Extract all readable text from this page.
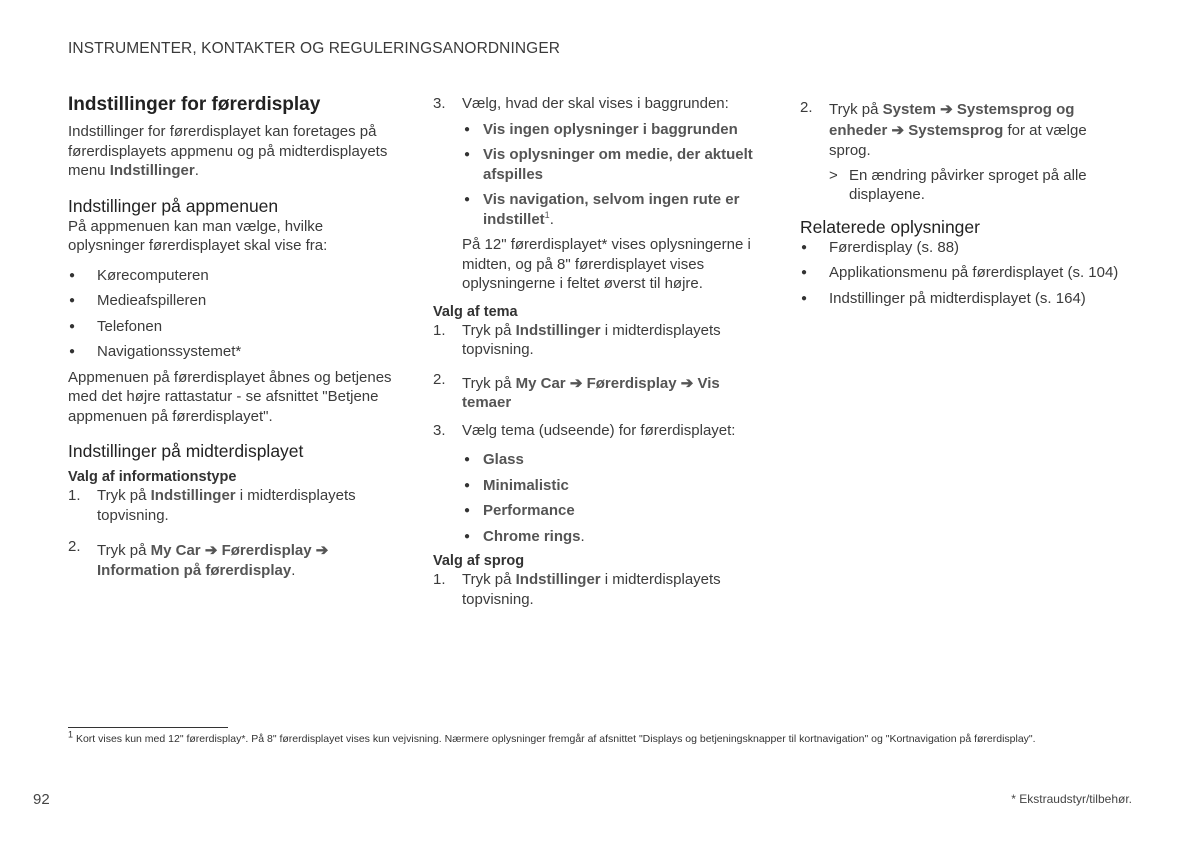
INSTRUMENTER, KONTAKTER OG REGULERINGSANORDNINGER
Indstillinger for førerdisplay

Indstillinger for førerdisplayet kan foretages på førerdisplayets appmenu og på midterdisplayets menu Indstillinger.

Indstillinger på appmenuen

På appmenuen kan man vælge, hvilke oplysninger førerdisplayet skal vise fra:

● Kørecomputeren
● Medieafspilleren
● Telefonen
● Navigationssystemet*

Appmenuen på førerdisplayet åbnes og betjenes med det højre rattastatur - se afsnittet "Betjene appmenuen på førerdisplayet".

Indstillinger på midterdisplayet
Valg af informationstype
1.	Tryk på Indstillinger i midterdisplayets topvisning.
2.	Tryk på My Car ➔ Førerdisplay ➔ Information på førerdisplay.
3.	Vælg, hvad der skal vises i baggrunden:
● Vis ingen oplysninger i baggrunden
● Vis oplysninger om medie, der aktuelt afspilles
● Vis navigation, selvom ingen rute er indstillet$^1$.

På 12" førerdisplayet* vises oplysningerne i midten, og på 8" førerdisplayet vises oplysningerne i feltet øverst til højre.

Valg af tema
1.	Tryk på Indstillinger i midterdisplayets topvisning.
2.	Tryk på My Car ➔ Førerdisplay ➔ Vis temaer
3.	Vælg tema (udseende) for førerdisplayet:
● Glass
● Minimalistic
● Performance
● Chrome rings.
Valg af sprog
1.	Tryk på Indstillinger i midterdisplayets topvisning.
2.	Tryk på System ➔ Systemsprog og enheder ➔ Systemsprog for at vælge sprog.
> En ændring påvirker sproget på alle displayene.
Relaterede oplysninger
● Førerdisplay (s. 88)
● Applikationsmenu på førerdisplayet (s. 104)
● Indstillinger på midterdisplayet (s. 164)
$^1$ Kort vises kun med 12" førerdisplay*. På 8" førerdisplayet vises kun vejvisning. Nærmere oplysninger fremgår af afsnittet "Displays og betjeningsknapper til kortnavigation" og "Kortnavigation på førerdisplay".
92	* Ekstraudstyr/tilbehør.
